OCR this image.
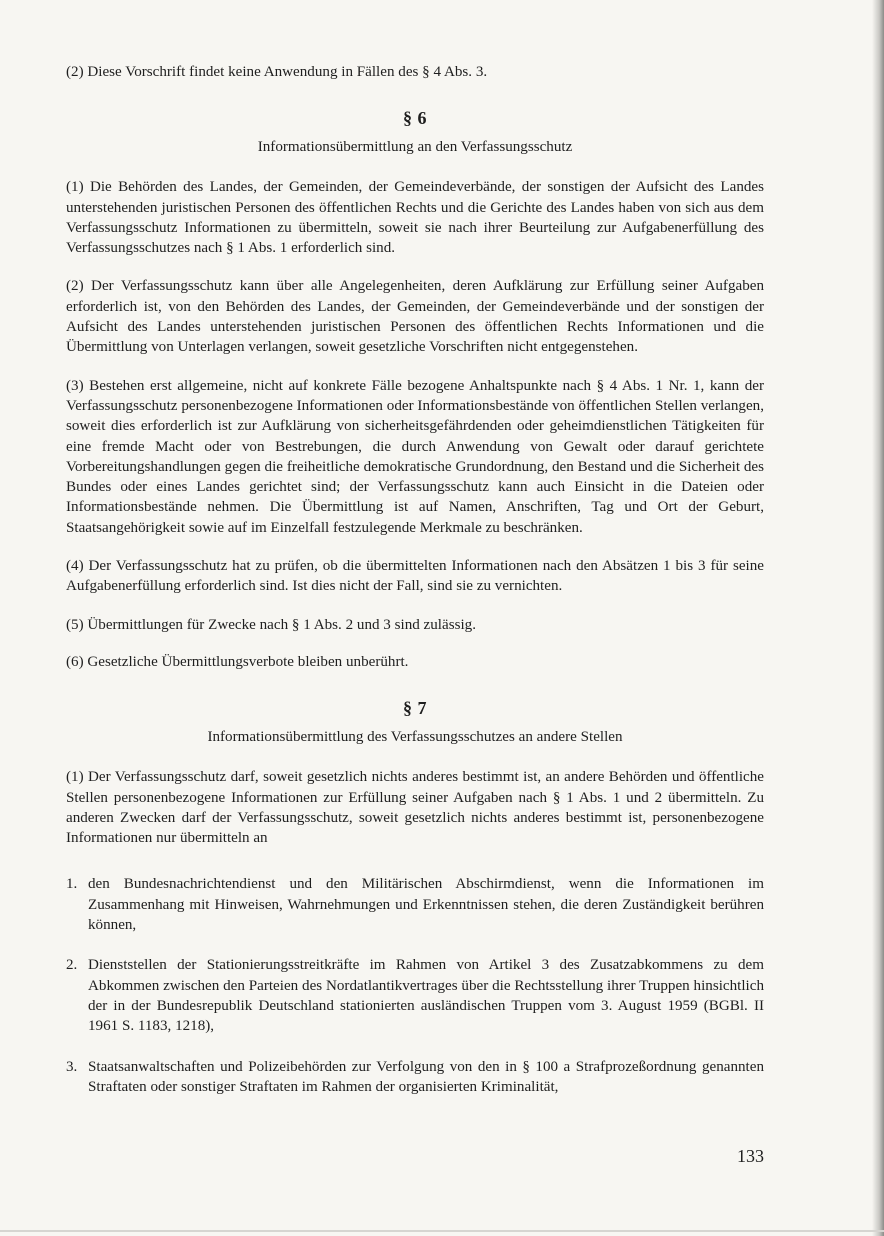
(2) Diese Vorschrift findet keine Anwendung in Fällen des § 4 Abs. 3.

§ 6
Informationsübermittlung an den Verfassungsschutz

(1) Die Behörden des Landes, der Gemeinden, der Gemeindeverbände, der sonstigen der Aufsicht des Landes unterstehenden juristischen Personen des öffentlichen Rechts und die Gerichte des Landes haben von sich aus dem Verfassungsschutz Informationen zu übermitteln, soweit sie nach ihrer Beurteilung zur Aufgabenerfüllung des Verfassungsschutzes nach § 1 Abs. 1 erforderlich sind.

(2) Der Verfassungsschutz kann über alle Angelegenheiten, deren Aufklärung zur Erfüllung seiner Aufgaben erforderlich ist, von den Behörden des Landes, der Gemeinden, der Gemeindeverbände und der sonstigen der Aufsicht des Landes unterstehenden juristischen Personen des öffentlichen Rechts Informationen und die Übermittlung von Unterlagen verlangen, soweit gesetzliche Vorschriften nicht entgegenstehen.

(3) Bestehen erst allgemeine, nicht auf konkrete Fälle bezogene Anhaltspunkte nach § 4 Abs. 1 Nr. 1, kann der Verfassungsschutz personenbezogene Informationen oder Informationsbestände von öffentlichen Stellen verlangen, soweit dies erforderlich ist zur Aufklärung von sicherheitsgefährdenden oder geheimdienstlichen Tätigkeiten für eine fremde Macht oder von Bestrebungen, die durch Anwendung von Gewalt oder darauf gerichtete Vorbereitungshandlungen gegen die freiheitliche demokratische Grundordnung, den Bestand und die Sicherheit des Bundes oder eines Landes gerichtet sind; der Verfassungsschutz kann auch Einsicht in die Dateien oder Informationsbestände nehmen. Die Übermittlung ist auf Namen, Anschriften, Tag und Ort der Geburt, Staatsangehörigkeit sowie auf im Einzelfall festzulegende Merkmale zu beschränken.

(4) Der Verfassungsschutz hat zu prüfen, ob die übermittelten Informationen nach den Absätzen 1 bis 3 für seine Aufgabenerfüllung erforderlich sind. Ist dies nicht der Fall, sind sie zu vernichten.

(5) Übermittlungen für Zwecke nach § 1 Abs. 2 und 3 sind zulässig.

(6) Gesetzliche Übermittlungsverbote bleiben unberührt.

§ 7
Informationsübermittlung des Verfassungsschutzes an andere Stellen

(1) Der Verfassungsschutz darf, soweit gesetzlich nichts anderes bestimmt ist, an andere Behörden und öffentliche Stellen personenbezogene Informationen zur Erfüllung seiner Aufgaben nach § 1 Abs. 1 und 2 übermitteln. Zu anderen Zwecken darf der Verfassungsschutz, soweit gesetzlich nichts anderes bestimmt ist, personenbezogene Informationen nur übermitteln an

1. den Bundesnachrichtendienst und den Militärischen Abschirmdienst, wenn die Informationen im Zusammenhang mit Hinweisen, Wahrnehmungen und Erkenntnissen stehen, die deren Zuständigkeit berühren können,
2. Dienststellen der Stationierungsstreitkräfte im Rahmen von Artikel 3 des Zusatzabkommens zu dem Abkommen zwischen den Parteien des Nordatlantikvertrages über die Rechtsstellung ihrer Truppen hinsichtlich der in der Bundesrepublik Deutschland stationierten ausländischen Truppen vom 3. August 1959 (BGBl. II 1961 S. 1183, 1218),
3. Staatsanwaltschaften und Polizeibehörden zur Verfolgung von den in § 100 a Strafprozeßordnung genannten Straftaten oder sonstiger Straftaten im Rahmen der organisierten Kriminalität,
133
